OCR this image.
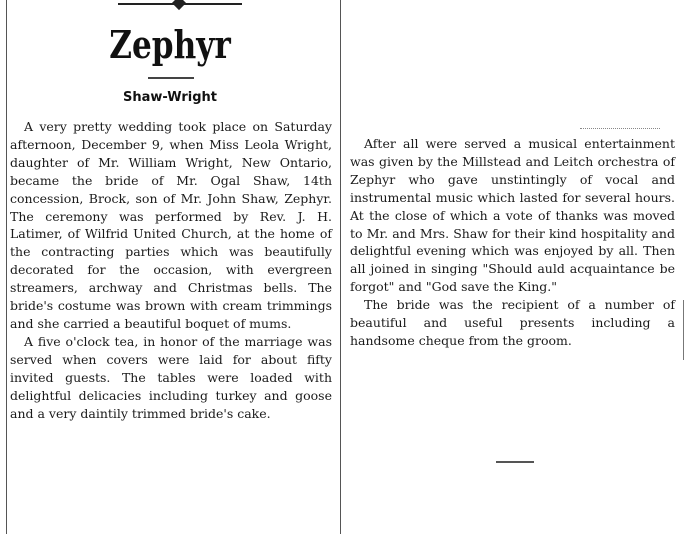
Zephyr
Shaw-Wright

A very pretty wedding took place on Saturday afternoon, December 9, when Miss Leola Wright, daughter of Mr. William Wright, New Ontario, became the bride of Mr. Ogal Shaw, 14th concession, Brock, son of Mr. John Shaw, Zephyr. The ceremony was performed by Rev. J. H. Latimer, of Wilfrid United Church, at the home of the contracting parties which was beautifully decorated for the occasion, with evergreen streamers, archway and Christmas bells. The bride's costume was brown with cream trimmings and she carried a beautiful boquet of mums.

A five o'clock tea, in honor of the marriage was served when covers were laid for about fifty invited guests. The tables were loaded with delightful delicacies including turkey and goose and a very daintily trimmed bride's cake.

After all were served a musical entertainment was given by the Millstead and Leitch orchestra of Zephyr who gave unstintingly of vocal and instrumental music which lasted for several hours. At the close of which a vote of thanks was moved to Mr. and Mrs. Shaw for their kind hospitality and delightful evening which was enjoyed by all. Then all joined in singing "Should auld acquaintance be forgot" and "God save the King."

The bride was the recipient of a number of beautiful and useful presents including a handsome cheque from the groom.
